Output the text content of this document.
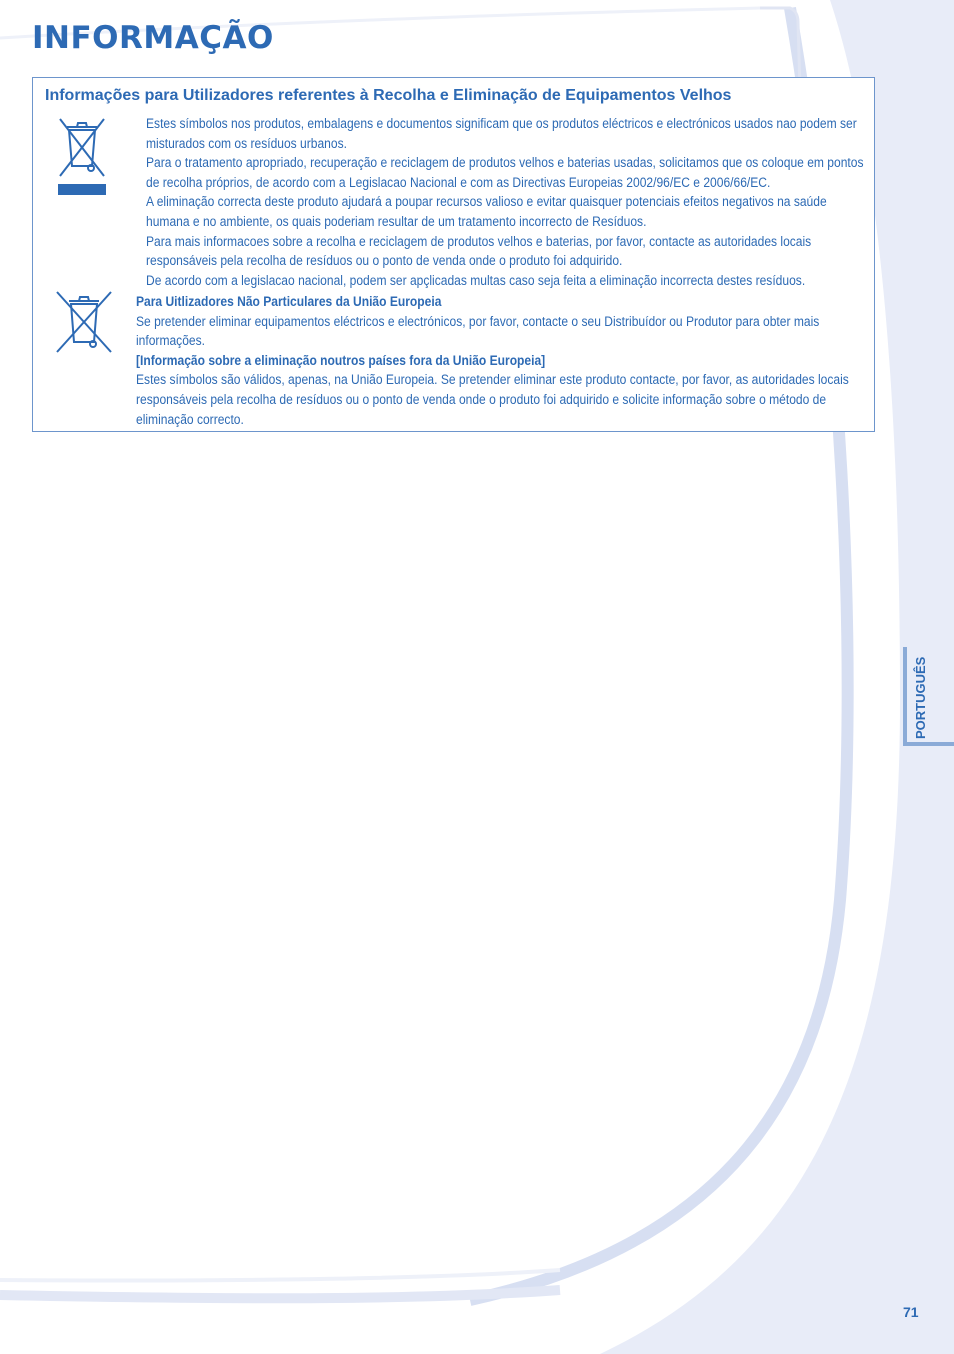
INFORMAÇÃO
Informações para Utilizadores referentes à Recolha e Eliminação de Equipamentos Velhos

Estes símbolos nos produtos, embalagens e documentos significam que os produtos eléctricos e electrónicos usados nao podem ser misturados com os resíduos urbanos.
Para o tratamento apropriado, recuperação e reciclagem de produtos velhos e baterias usadas, solicitamos que os coloque em pontos de recolha próprios, de acordo com a Legislacao Nacional e com as Directivas Europeias 2002/96/EC e 2006/66/EC.
A eliminação correcta deste produto ajudará a poupar recursos valioso e evitar quaisquer potenciais efeitos negativos na saúde humana e no ambiente, os quais poderiam resultar de um tratamento incorrecto de Resíduos.
Para mais informacoes sobre a recolha e reciclagem de produtos velhos e baterias, por favor, contacte as autoridades locais responsáveis pela recolha de resíduos ou o ponto de venda onde o produto foi adquirido.
De acordo com a legislacao nacional, podem ser apçlicadas multas caso seja feita a eliminação incorrecta destes resíduos.

Para Uitlizadores Não Particulares da União Europeia
Se pretender eliminar equipamentos eléctricos e electrónicos, por favor, contacte o seu Distribuídor ou Produtor para obter mais informações.
[Informação sobre a eliminação noutros países fora da União Europeia]
Estes símbolos são válidos, apenas, na União Europeia. Se pretender eliminar este produto contacte, por favor, as autoridades locais responsáveis pela recolha de resíduos ou o ponto de venda onde o produto foi adquirido e solicite informação sobre o método de eliminação correcto.

PORTUGUÊS
71
